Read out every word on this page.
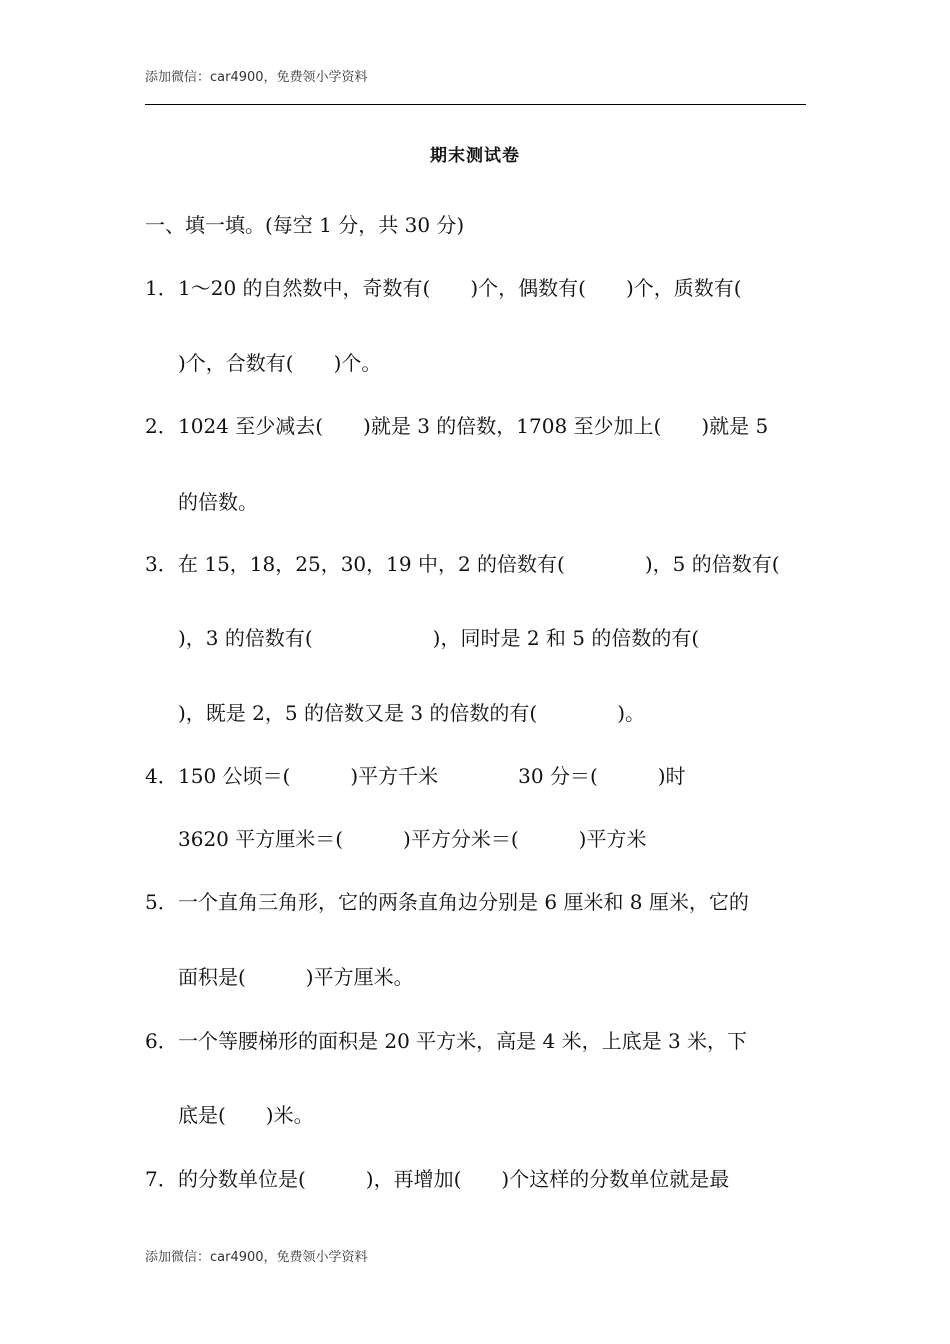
添加微信：car4900，免费领小学资料
期末测试卷
一、填一填。(每空 1 分，共 30 分)
1． 1～20 的自然数中，奇数有(　　)个，偶数有(　　)个，质数有(
)个，合数有(　　)个。
2． 1024 至少减去(　　)就是 3 的倍数，1708 至少加上(　　)就是 5
的倍数。
3． 在 15，18，25，30，19 中，2 的倍数有(　　　　)，5 的倍数有(
)，3 的倍数有(　　　　　　)，同时是 2 和 5 的倍数的有(
)，既是 2，5 的倍数又是 3 的倍数的有(　　　　)。
4． 150 公顷＝(　　　)平方千米　　　　30 分＝(　　　)时
3620 平方厘米＝(　　　)平方分米＝(　　　)平方米
5． 一个直角三角形，它的两条直角边分别是 6 厘米和 8 厘米，它的
面积是(　　　)平方厘米。
6． 一个等腰梯形的面积是 20 平方米，高是 4 米，上底是 3 米，下
底是(　　)米。
7． 的分数单位是(　　　)，再增加(　　)个这样的分数单位就是最
添加微信：car4900，免费领小学资料
